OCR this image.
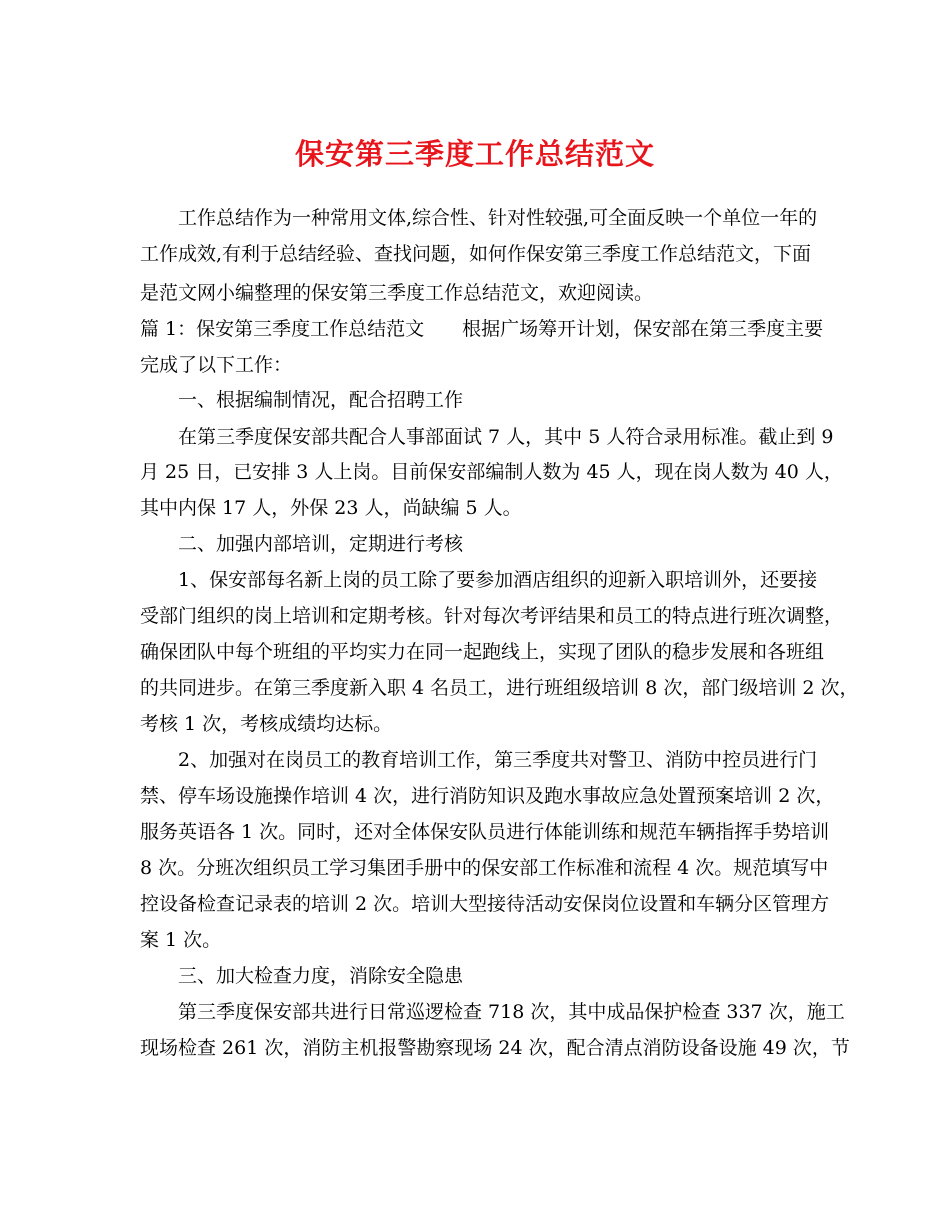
保安第三季度工作总结范文
工作总结作为一种常用文体,综合性、针对性较强,可全面反映一个单位一年的
工作成效,有利于总结经验、查找问题，如何作保安第三季度工作总结范文，下面
是范文网小编整理的保安第三季度工作总结范文，欢迎阅读。
篇 1：保安第三季度工作总结范文　　根据广场筹开计划，保安部在第三季度主要
完成了以下工作：
一、根据编制情况，配合招聘工作
在第三季度保安部共配合人事部面试 7 人，其中 5 人符合录用标准。截止到 9
月 25 日，已安排 3 人上岗。目前保安部编制人数为 45 人，现在岗人数为 40 人，
其中内保 17 人，外保 23 人，尚缺编 5 人。
二、加强内部培训，定期进行考核
1、保安部每名新上岗的员工除了要参加酒店组织的迎新入职培训外，还要接
受部门组织的岗上培训和定期考核。针对每次考评结果和员工的特点进行班次调整，
确保团队中每个班组的平均实力在同一起跑线上，实现了团队的稳步发展和各班组
的共同进步。在第三季度新入职 4 名员工，进行班组级培训 8 次，部门级培训 2 次，
考核 1 次，考核成绩均达标。
2、加强对在岗员工的教育培训工作，第三季度共对警卫、消防中控员进行门
禁、停车场设施操作培训 4 次，进行消防知识及跑水事故应急处置预案培训 2 次，
服务英语各 1 次。同时，还对全体保安队员进行体能训练和规范车辆指挥手势培训
8 次。分班次组织员工学习集团手册中的保安部工作标准和流程 4 次。规范填写中
控设备检查记录表的培训 2 次。培训大型接待活动安保岗位设置和车辆分区管理方
案 1 次。
三、加大检查力度，消除安全隐患
第三季度保安部共进行日常巡逻检查 718 次，其中成品保护检查 337 次，施工
现场检查 261 次，消防主机报警勘察现场 24 次，配合清点消防设备设施 49 次，节
